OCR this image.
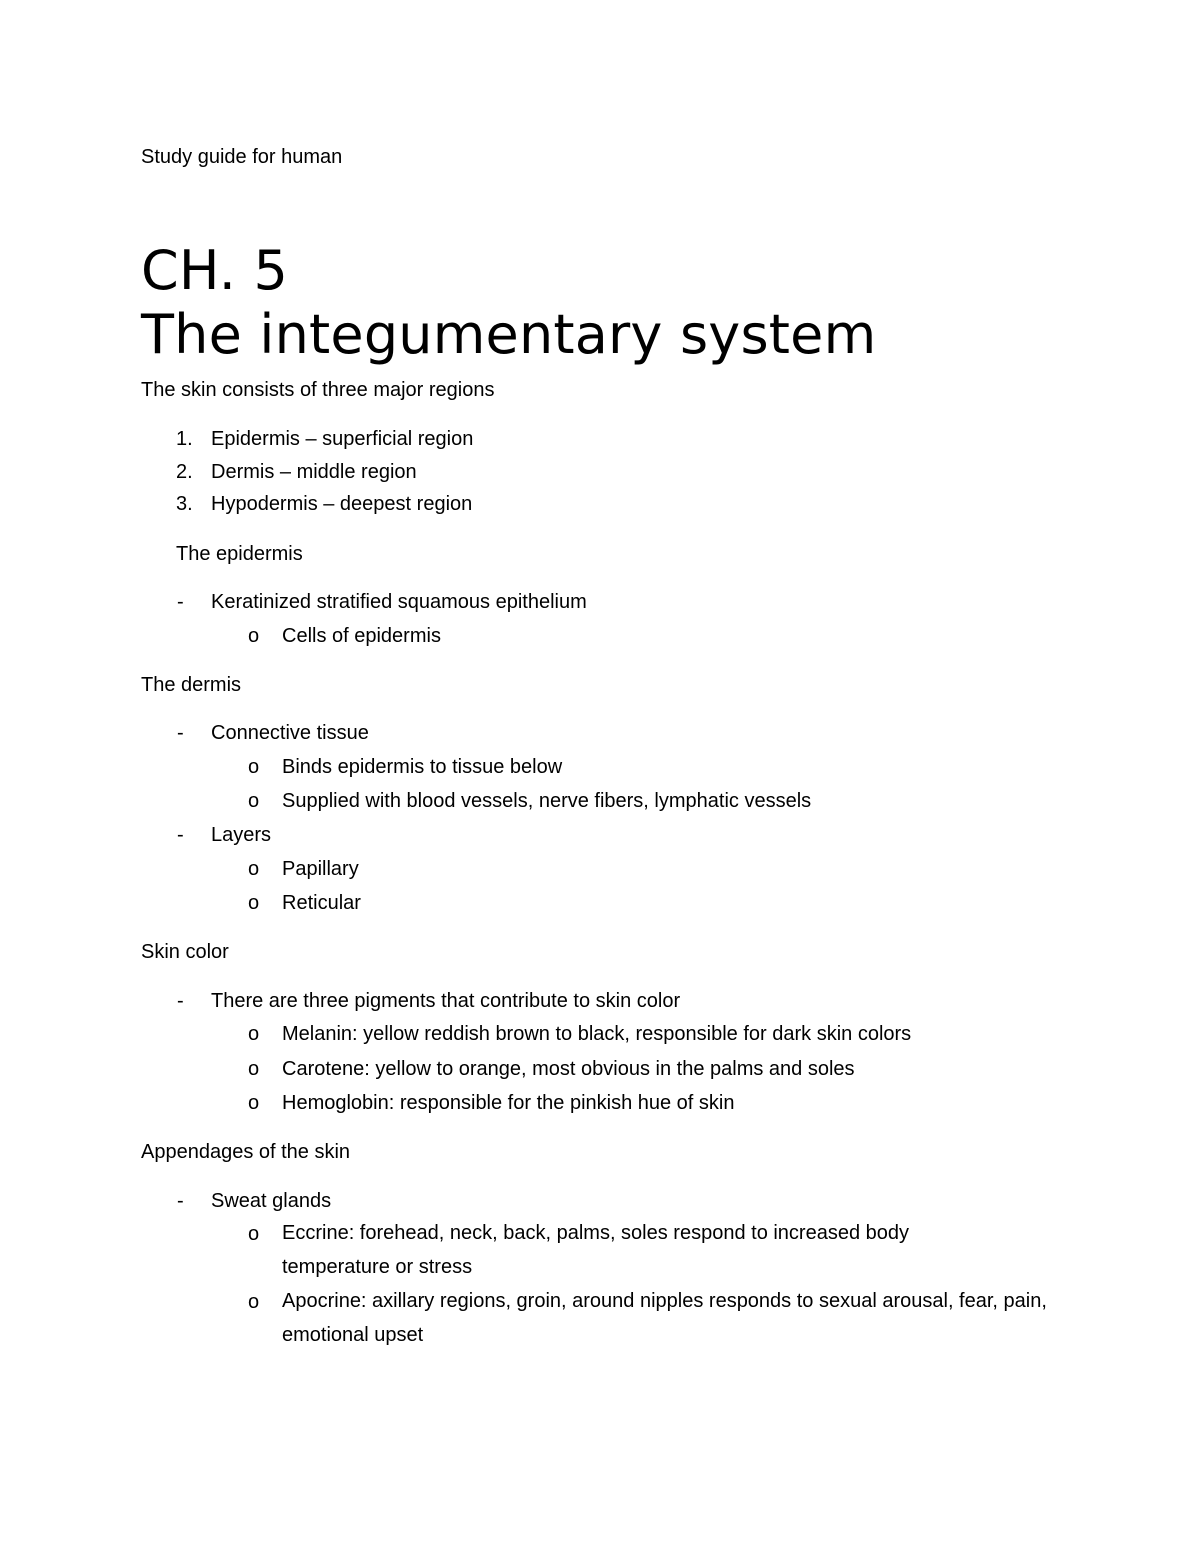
Study guide for human
CH. 5
The integumentary system
The skin consists of three major regions
1. Epidermis – superficial region
2. Dermis – middle region
3. Hypodermis – deepest region
The epidermis
- Keratinized stratified squamous epithelium
o Cells of epidermis
The dermis
- Connective tissue
o Binds epidermis to tissue below
o Supplied with blood vessels, nerve fibers, lymphatic vessels
- Layers
o Papillary
o Reticular
Skin color
- There are three pigments that contribute to skin color
o Melanin: yellow reddish brown to black, responsible for dark skin colors
o Carotene: yellow to orange, most obvious in the palms and soles
o Hemoglobin: responsible for the pinkish hue of skin
Appendages of the skin
- Sweat glands
o Eccrine: forehead, neck, back, palms, soles respond to increased body temperature or stress
o Apocrine: axillary regions, groin, around nipples responds to sexual arousal, fear, pain, emotional upset
